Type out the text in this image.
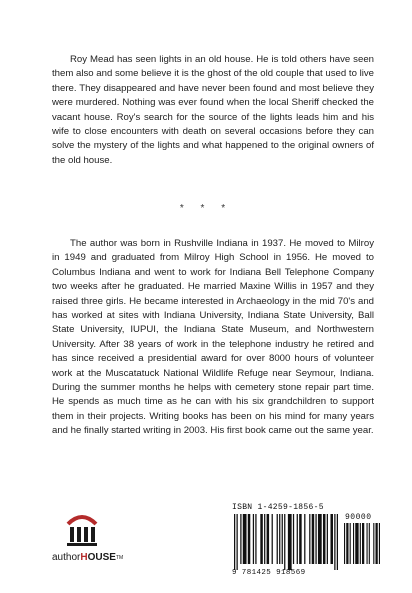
Roy Mead has seen lights in an old house. He is told others have seen them also and some believe it is the ghost of the old couple that used to live there. They disappeared and have never been found and most believe they were murdered. Nothing was ever found when the local Sheriff checked the vacant house. Roy's search for the source of the lights leads him and his wife to close encounters with death on several occasions before they can solve the mystery of the lights and what happened to the original owners of the old house.

* * *

The author was born in Rushville Indiana in 1937. He moved to Milroy in 1949 and graduated from Milroy High School in 1956. He moved to Columbus Indiana and went to work for Indiana Bell Telephone Company two weeks after he graduated. He married Maxine Willis in 1957 and they raised three girls. He became interested in Archaeology in the mid 70's and has worked at sites with Indiana University, Indiana State University, Ball State University, IUPUI, the Indiana State Museum, and Northwestern University. After 38 years of work in the telephone industry he retired and has since received a presidential award for over 8000 hours of volunteer work at the Muscatatuck National Wildlife Refuge near Seymour, Indiana. During the summer months he helps with cemetery stone repair part time. He spends as much time as he can with his six grandchildren to support them in their projects. Writing books has been on his mind for many years and he finally started writing in 2003. His first book came out the same year.

authorHOUSE™
ISBN 1-4259-1856-5
90000
9 781425 918569
